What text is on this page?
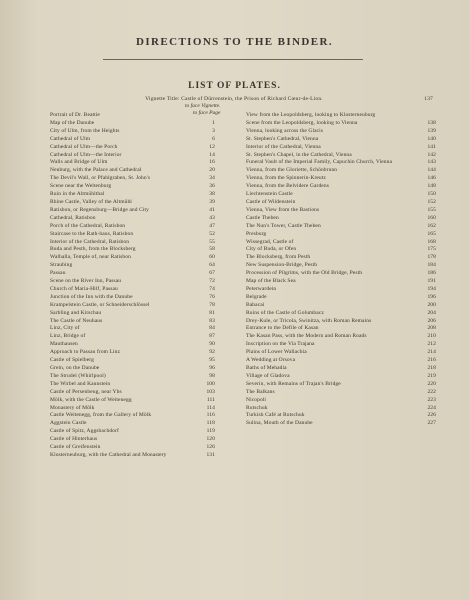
DIRECTIONS TO THE BINDER.
LIST OF PLATES.
Vignette Title: Castle of Dürrenstein, the Prison of Richard Cœur-de-Lion.	137
to face Vignette.
to face Page
Portrait of Dr. Beattie
Map of the Danube	1
City of Ulm, from the Heights	3
Cathedral of Ulm	6
Cathedral of Ulm—the Porch	12
Cathedral of Ulm—the Interior	14
Walls and Bridge of Ulm	16
Neuburg, with the Palace and Cathedral	20
The Devil's Wall, or Pfahlgraben, St. John's	34
Scene near the Weltenburg	36
Ruin in the Altmühlthal	38
Rhine Castle, Valley of the Altmühl	39
Ratisbon, or Regensburg—Bridge and City	41
Cathedral, Ratisbon	43
Porch of the Cathedral, Ratisbon	47
Staircase to the Rath-haus, Ratisbon	52
Interior of the Cathedral, Ratisbon	55
Buda and Pesth, from the Blocksberg	58
Walhalla, Temple of, near Ratisbon	60
Straubing	64
Passau	67
Scene on the River Inn, Passau	72
Church of Maria-Hilf, Passau	74
Junction of the Inn with the Danube	76
Krampelstein Castle, or Schneiderschlössel	78
Sarbling and Kirschau	81
The Castle of Neuhaus	83
Linz, City of	84
Linz, Bridge of	87
Mauthausen	90
Approach to Passau from Linz	92
Castle of Spielberg	95
Grein, on the Danube	96
The Strudel (Whirlpool)	98
The Wirbel and Kaunstein	100
Castle of Persenbeug, near Ybs	103
Mölk, with the Castle of Weitenegg	111
Monastery of Mölk	114
Castle Weitenegg, from the Gallery of Mölk	116
Aggstein Castle	118
Castle of Spitz, Aggsbachdorf	119
Castle of Hinterhaus	120
Castle of Greifenstein	126
Klosterneuburg, with the Cathedral and Monastery	131
View from the Leopoldsberg, looking to Klosterneuburg
Scene from the Leopoldsberg, looking to Vienna	138
Vienna, looking across the Glacis	139
St. Stephen's Cathedral, Vienna	140
Interior of the Cathedral, Vienna	141
St. Stephen's Chapel, in the Cathedral, Vienna	142
Funeral Vault of the Imperial Family, Capuchin Church, Vienna	143
Vienna, from the Gloriette, Schönbrunn	144
Vienna, from the Spinnerin-Kreutz	146
Vienna, from the Belvidere Gardens	148
Liechtenstein Castle	150
Castle of Wildenstein	152
Vienna, View from the Bastions	155
Castle Theben	160
The Nun's Tower, Castle Theben	162
Presburg	165
Wissegrad, Castle of	168
City of Buda, or Ofen	175
The Blocksberg, from Pesth	178
New Suspension-Bridge, Pesth	184
Procession of Pilgrims, with the Old Bridge, Pesth	186
Map of the Black Sea	191
Peterwardein	194
Belgrade	196
Babacai	200
Ruins of the Castle of Golumbacz	204
Drey-Kule, or Tricola, Swinitza, with Roman Remains	206
Entrance to the Defile of Kasan	208
The Kasan Pass, with the Modern and Roman Roads	210
Inscription on the Via Trajana	212
Plains of Lower Wallachia	214
A Wedding at Orsova	216
Baths of Mehadia	218
Village of Gladova	219
Severin, with Remains of Trajan's Bridge	220
The Balkans	222
Nicopoli	223
Rutschuk	224
Turkish Café at Rutschuk	226
Sulina, Mouth of the Danube	227
